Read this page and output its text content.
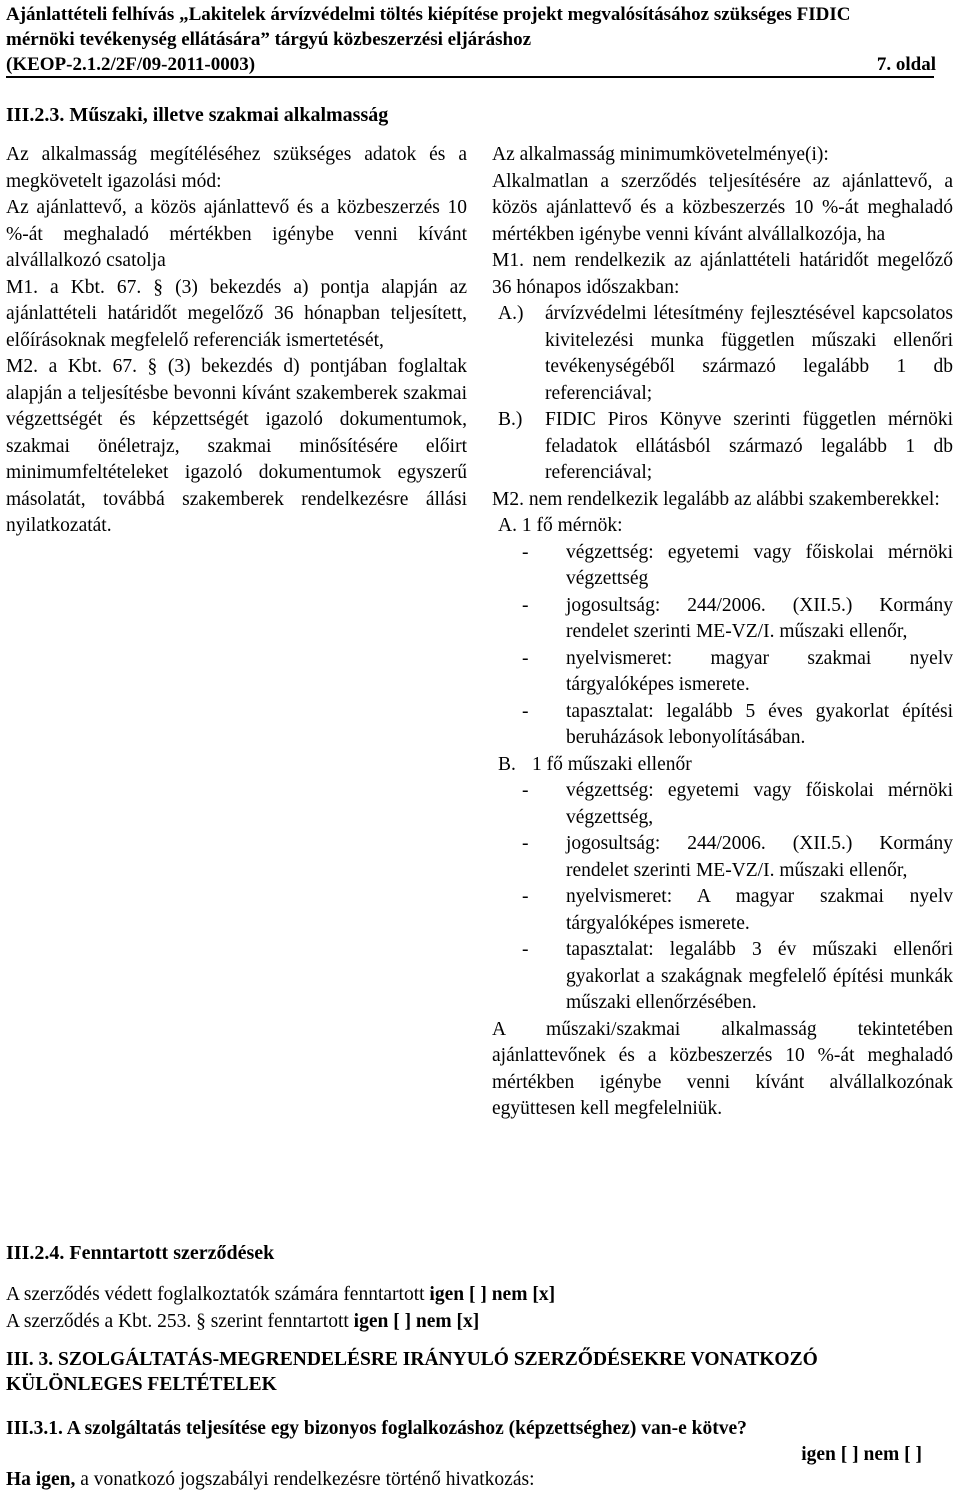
Ajánlattételi felhívás „Lakitelek árvízvédelmi töltés kiépítése projekt megvalósításához szükséges FIDIC
mérnöki tevékenység ellátására” tárgyú közbeszerzési eljáráshoz
(KEOP-2.1.2/2F/09-2011-0003)	7. oldal
III.2.3. Műszaki, illetve szakmai alkalmasság

Az alkalmasság megítéléséhez szükséges adatok és a megkövetelt igazolási mód:

Az ajánlattevő, a közös ajánlattevő és a közbeszerzés 10 %-át meghaladó mértékben igénybe venni kívánt alvállalkozó csatolja

M1. a Kbt. 67. § (3) bekezdés a) pontja alapján az ajánlattételi határidőt megelőző 36 hónapban teljesített, előírásoknak megfelelő referenciák ismertetését,

M2. a Kbt. 67. § (3) bekezdés d) pontjában foglaltak alapján a teljesítésbe bevonni kívánt szakemberek szakmai végzettségét és képzettségét igazoló dokumentumok, szakmai önéletrajz, szakmai minősítésére előirt minimumfeltételeket igazoló dokumentumok egyszerű másolatát, továbbá szakemberek rendelkezésre állási nyilatkozatát.

Az alkalmasság minimumkövetelménye(i):

Alkalmatlan a szerződés teljesítésére az ajánlattevő, a közös ajánlattevő és a közbeszerzés 10 %-át meghaladó mértékben igénybe venni kívánt alvállalkozója, ha

M1. nem rendelkezik az ajánlattételi határidőt megelőző 36 hónapos időszakban:

A.)	árvízvédelmi létesítmény fejlesztésével kapcsolatos kivitelezési munka független műszaki ellenőri tevékenységéből származó legalább 1 db referenciával;
B.)	FIDIC Piros Könyve szerinti független mérnöki feladatok ellátásból származó legalább 1 db referenciával;

M2. nem rendelkezik legalább az alábbi szakemberekkel:

A. 1 fő mérnök:
-	végzettség: egyetemi vagy főiskolai mérnöki végzettség
-	jogosultság: 244/2006. (XII.5.) Kormány rendelet szerinti ME-VZ/I. műszaki ellenőr,
-	nyelvismeret: magyar szakmai nyelv tárgyalóképes ismerete.
-	tapasztalat: legalább 5 éves gyakorlat építési beruházások lebonyolításában.
B. 1 fő műszaki ellenőr
-	végzettség: egyetemi vagy főiskolai mérnöki végzettség,
-	jogosultság: 244/2006. (XII.5.) Kormány rendelet szerinti ME-VZ/I. műszaki ellenőr,
-	nyelvismeret: A magyar szakmai nyelv tárgyalóképes ismerete.
-	tapasztalat: legalább 3 év műszaki ellenőri gyakorlat a szakágnak megfelelő építési munkák műszaki ellenőrzésében.

A műszaki/szakmai alkalmasság tekintetében ajánlattevőnek és a közbeszerzés 10 %-át meghaladó mértékben igénybe venni kívánt alvállalkozónak együttesen kell megfelelniük.

III.2.4. Fenntartott szerződések
A szerződés védett foglalkoztatók számára fenntartott igen [ ] nem [x]
A szerződés a Kbt. 253. § szerint fenntartott igen [ ] nem [x]
III. 3. SZOLGÁLTATÁS-MEGRENDELÉSRE IRÁNYULÓ SZERZŐDÉSEKRE VONATKOZÓ KÜLÖNLEGES FELTÉTELEK
III.3.1. A szolgáltatás teljesítése egy bizonyos foglalkozáshoz (képzettséghez) van-e kötve?
igen [ ] nem [ ]
Ha igen, a vonatkozó jogszabályi rendelkezésre történő hivatkozás:
